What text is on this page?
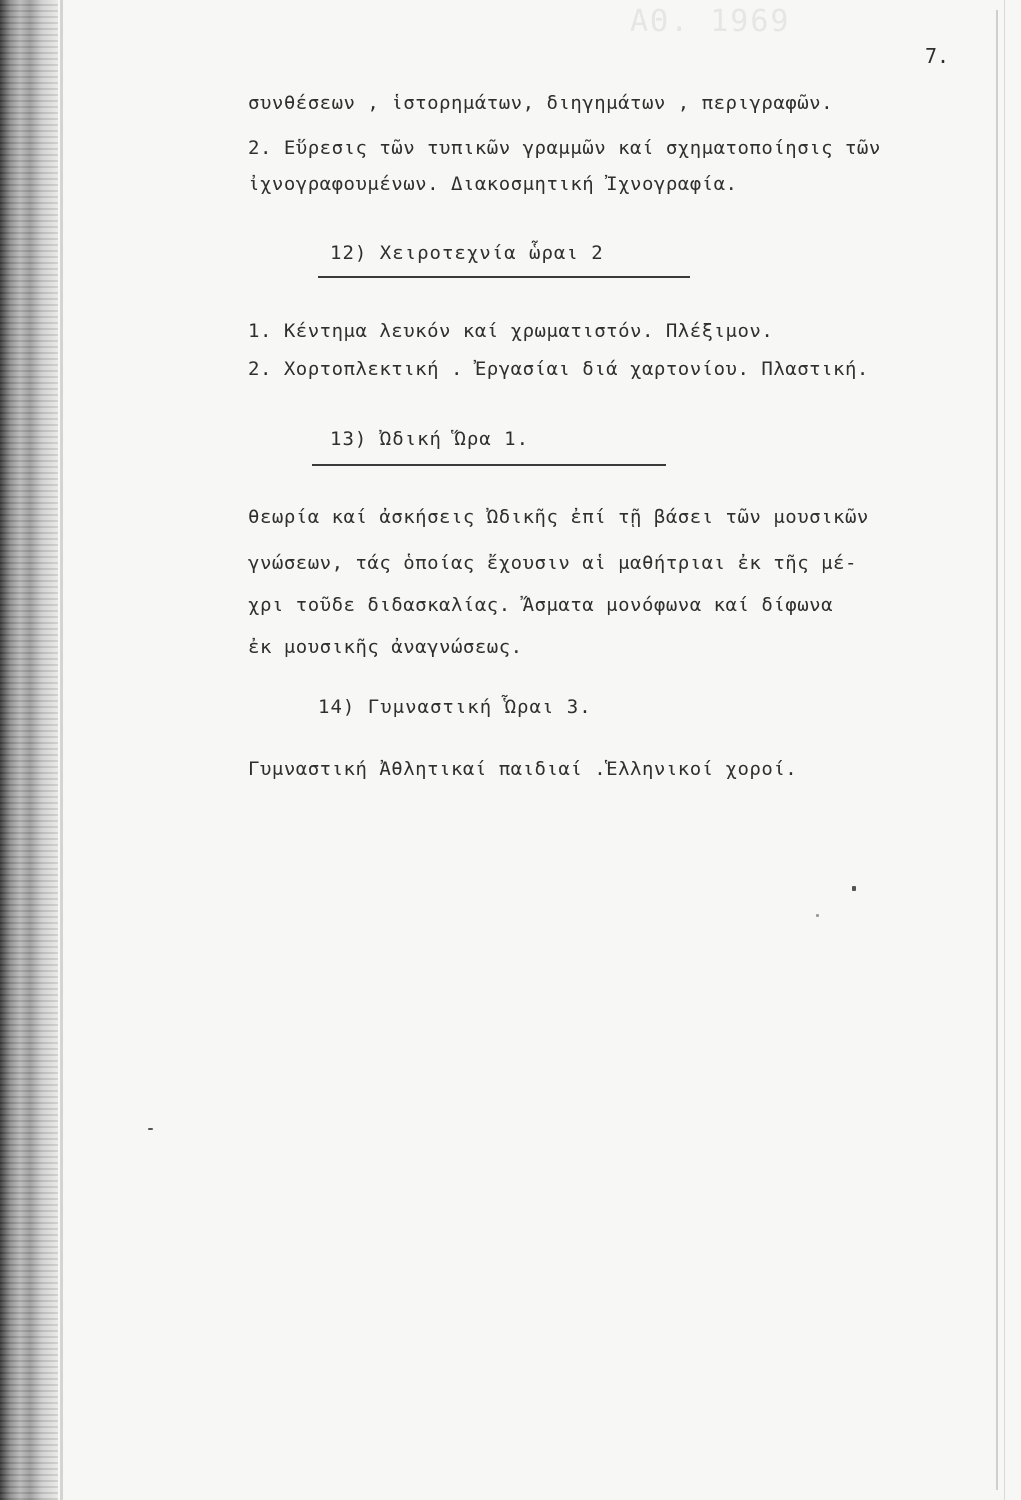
ΑΘ. 1969
7.
συνθέσεων , ἱστορημάτων, διηγημάτων , περιγραφῶν.
2. Εὕρεσις τῶν τυπικῶν γραμμῶν καί σχηματοποίησις τῶν
ἰχνογραφουμένων. Διακοσμητική Ἰχνογραφία.
12) Χειροτεχνία ὧραι 2
1. Κέντημα λευκόν καί χρωματιστόν. Πλέξιμον.
2. Χορτοπλεκτική . Ἐργασίαι διά χαρτονίου. Πλαστική.
13) Ὠδική Ὥρα 1.
θεωρία καί ἀσκήσεις Ὠδικῆς ἐπί τῇ βάσει τῶν μουσικῶν
γνώσεων, τάς ὁποίας ἔχουσιν αἱ μαθήτριαι ἐκ τῆς μέ-
χρι τοῦδε διδασκαλίας. Ἄσματα μονόφωνα καί δίφωνα
ἐκ μουσικῆς ἀναγνώσεως.
14) Γυμναστική Ὧραι 3.
Γυμναστική Ἀθλητικαί παιδιαί .Ἑλληνικοί χοροί.
